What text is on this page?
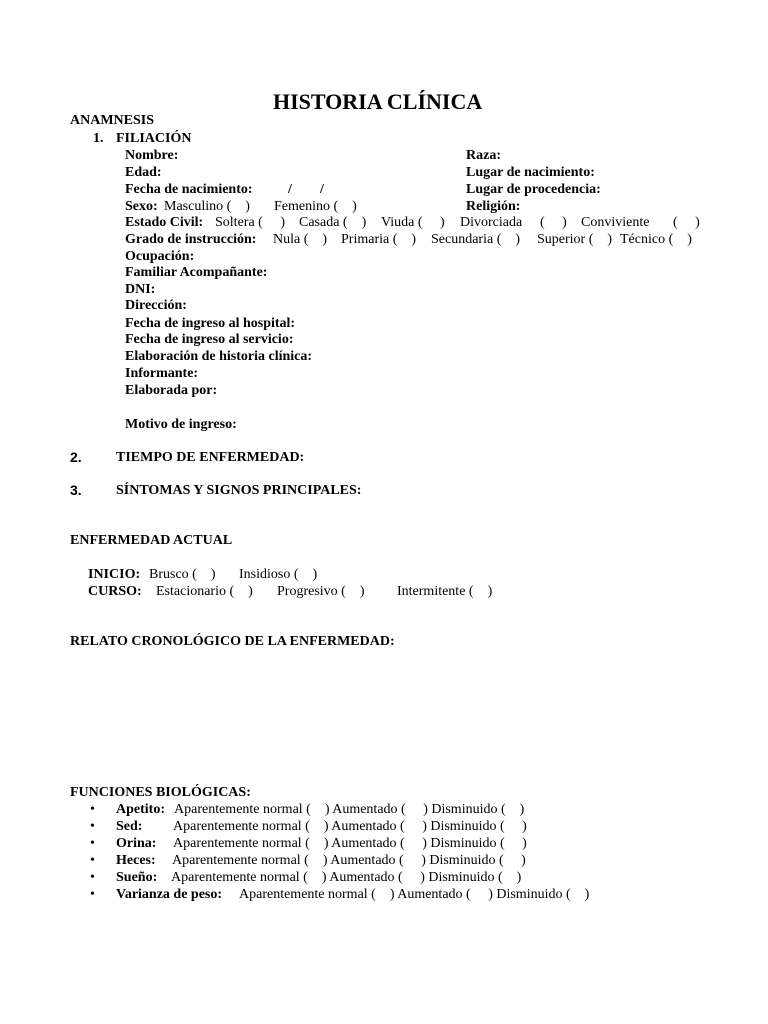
HISTORIA CLÍNICA
ANAMNESIS
1. FILIACIÓN
Nombre:	Raza:
Edad:	Lugar de nacimiento:
Fecha de nacimiento:	/ /	Lugar de procedencia:
Sexo: Masculino (    ) Femenino (    )	Religión:
Estado Civil: Soltera (     ) Casada (    ) Viuda (     ) Divorciada (     ) Conviviente (     )
Grado de instrucción: Nula (    ) Primaria (    ) Secundaria (    ) Superior (    ) Técnico (    )
Ocupación:
Familiar Acompañante:
DNI:
Dirección:
Fecha de ingreso al hospital:
Fecha de ingreso al servicio:
Elaboración de historia clínica:
Informante:
Elaborada por:
Motivo de ingreso:
2. TIEMPO DE ENFERMEDAD:
3. SÍNTOMAS Y SIGNOS PRINCIPALES:
ENFERMEDAD ACTUAL
INICIO: Brusco (    ) Insidioso (    )
CURSO: Estacionario (    ) Progresivo (    ) Intermitente (    )
RELATO CRONOLÓGICO DE LA ENFERMEDAD:
FUNCIONES BIOLÓGICAS:
• Apetito: Aparentemente normal (    ) Aumentado (     ) Disminuido (    )
• Sed: Aparentemente normal (    ) Aumentado (     ) Disminuido (     )
• Orina: Aparentemente normal (    ) Aumentado (     ) Disminuido (     )
• Heces: Aparentemente normal (    ) Aumentado (     ) Disminuido (     )
• Sueño: Aparentemente normal (    ) Aumentado (     ) Disminuido (    )
• Varianza de peso: Aparentemente normal (    ) Aumentado (     ) Disminuido (    )
